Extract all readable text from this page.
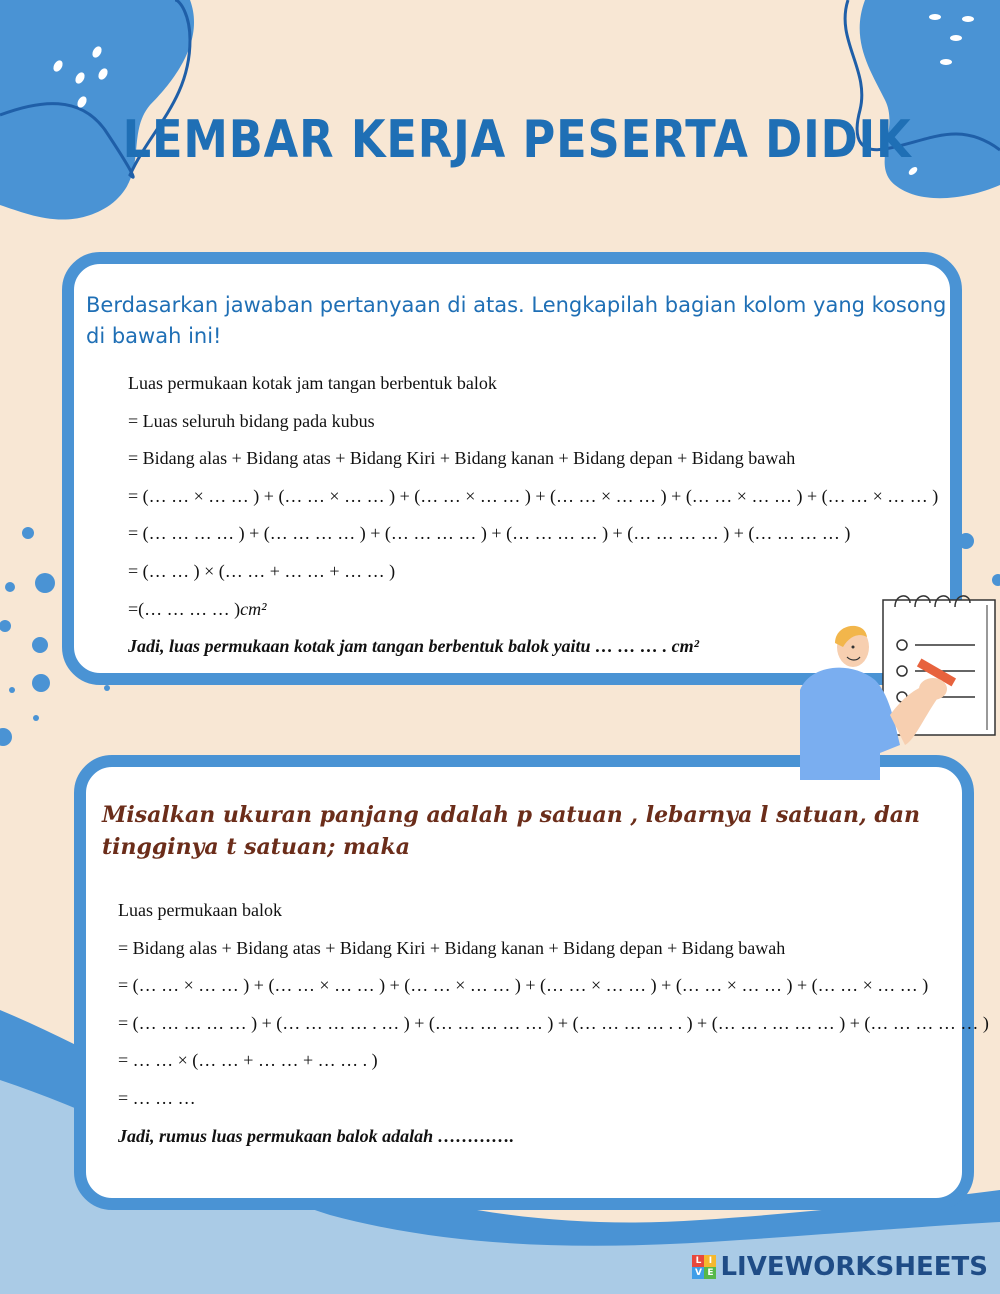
LEMBAR KERJA PESERTA DIDIK
Berdasarkan jawaban pertanyaan di atas. Lengkapilah bagian kolom yang kosong di bawah ini!
Luas permukaan kotak jam tangan berbentuk balok
= Luas seluruh bidang pada kubus
= Bidang alas + Bidang atas + Bidang Kiri + Bidang kanan + Bidang depan + Bidang bawah
= (… … × … … ) + (… … × … … ) + (… … × … … ) + (… … × … … ) + (… … × … … ) + (… … × … … )
= (… … … … ) + (… … … … ) + (… … … … ) + (… … … … ) + (… … … … ) + (… … … … )
= (… … ) × (… … + … … + … … )
=(… … … … )cm²
Jadi, luas permukaan kotak jam tangan berbentuk balok yaitu … … … . cm²
Misalkan ukuran panjang adalah p satuan , lebarnya l satuan, dan tingginya t satuan; maka
Luas permukaan balok
= Bidang alas + Bidang atas + Bidang Kiri + Bidang kanan + Bidang depan + Bidang bawah
= (… … × … … ) + (… … × … … ) + (… … × … … ) + (… … × … … ) + (… … × … … ) + (… … × … … )
= (… … … … … ) + (… … … … . … ) + (… … … … … ) + (… … … … . . ) + (… … . … … … ) + (… … … … … )
= … … × (… … + … … + … … . )
= … … …
Jadi, rumus luas permukaan balok adalah ………….
L I
V E LIVEWORKSHEETS
